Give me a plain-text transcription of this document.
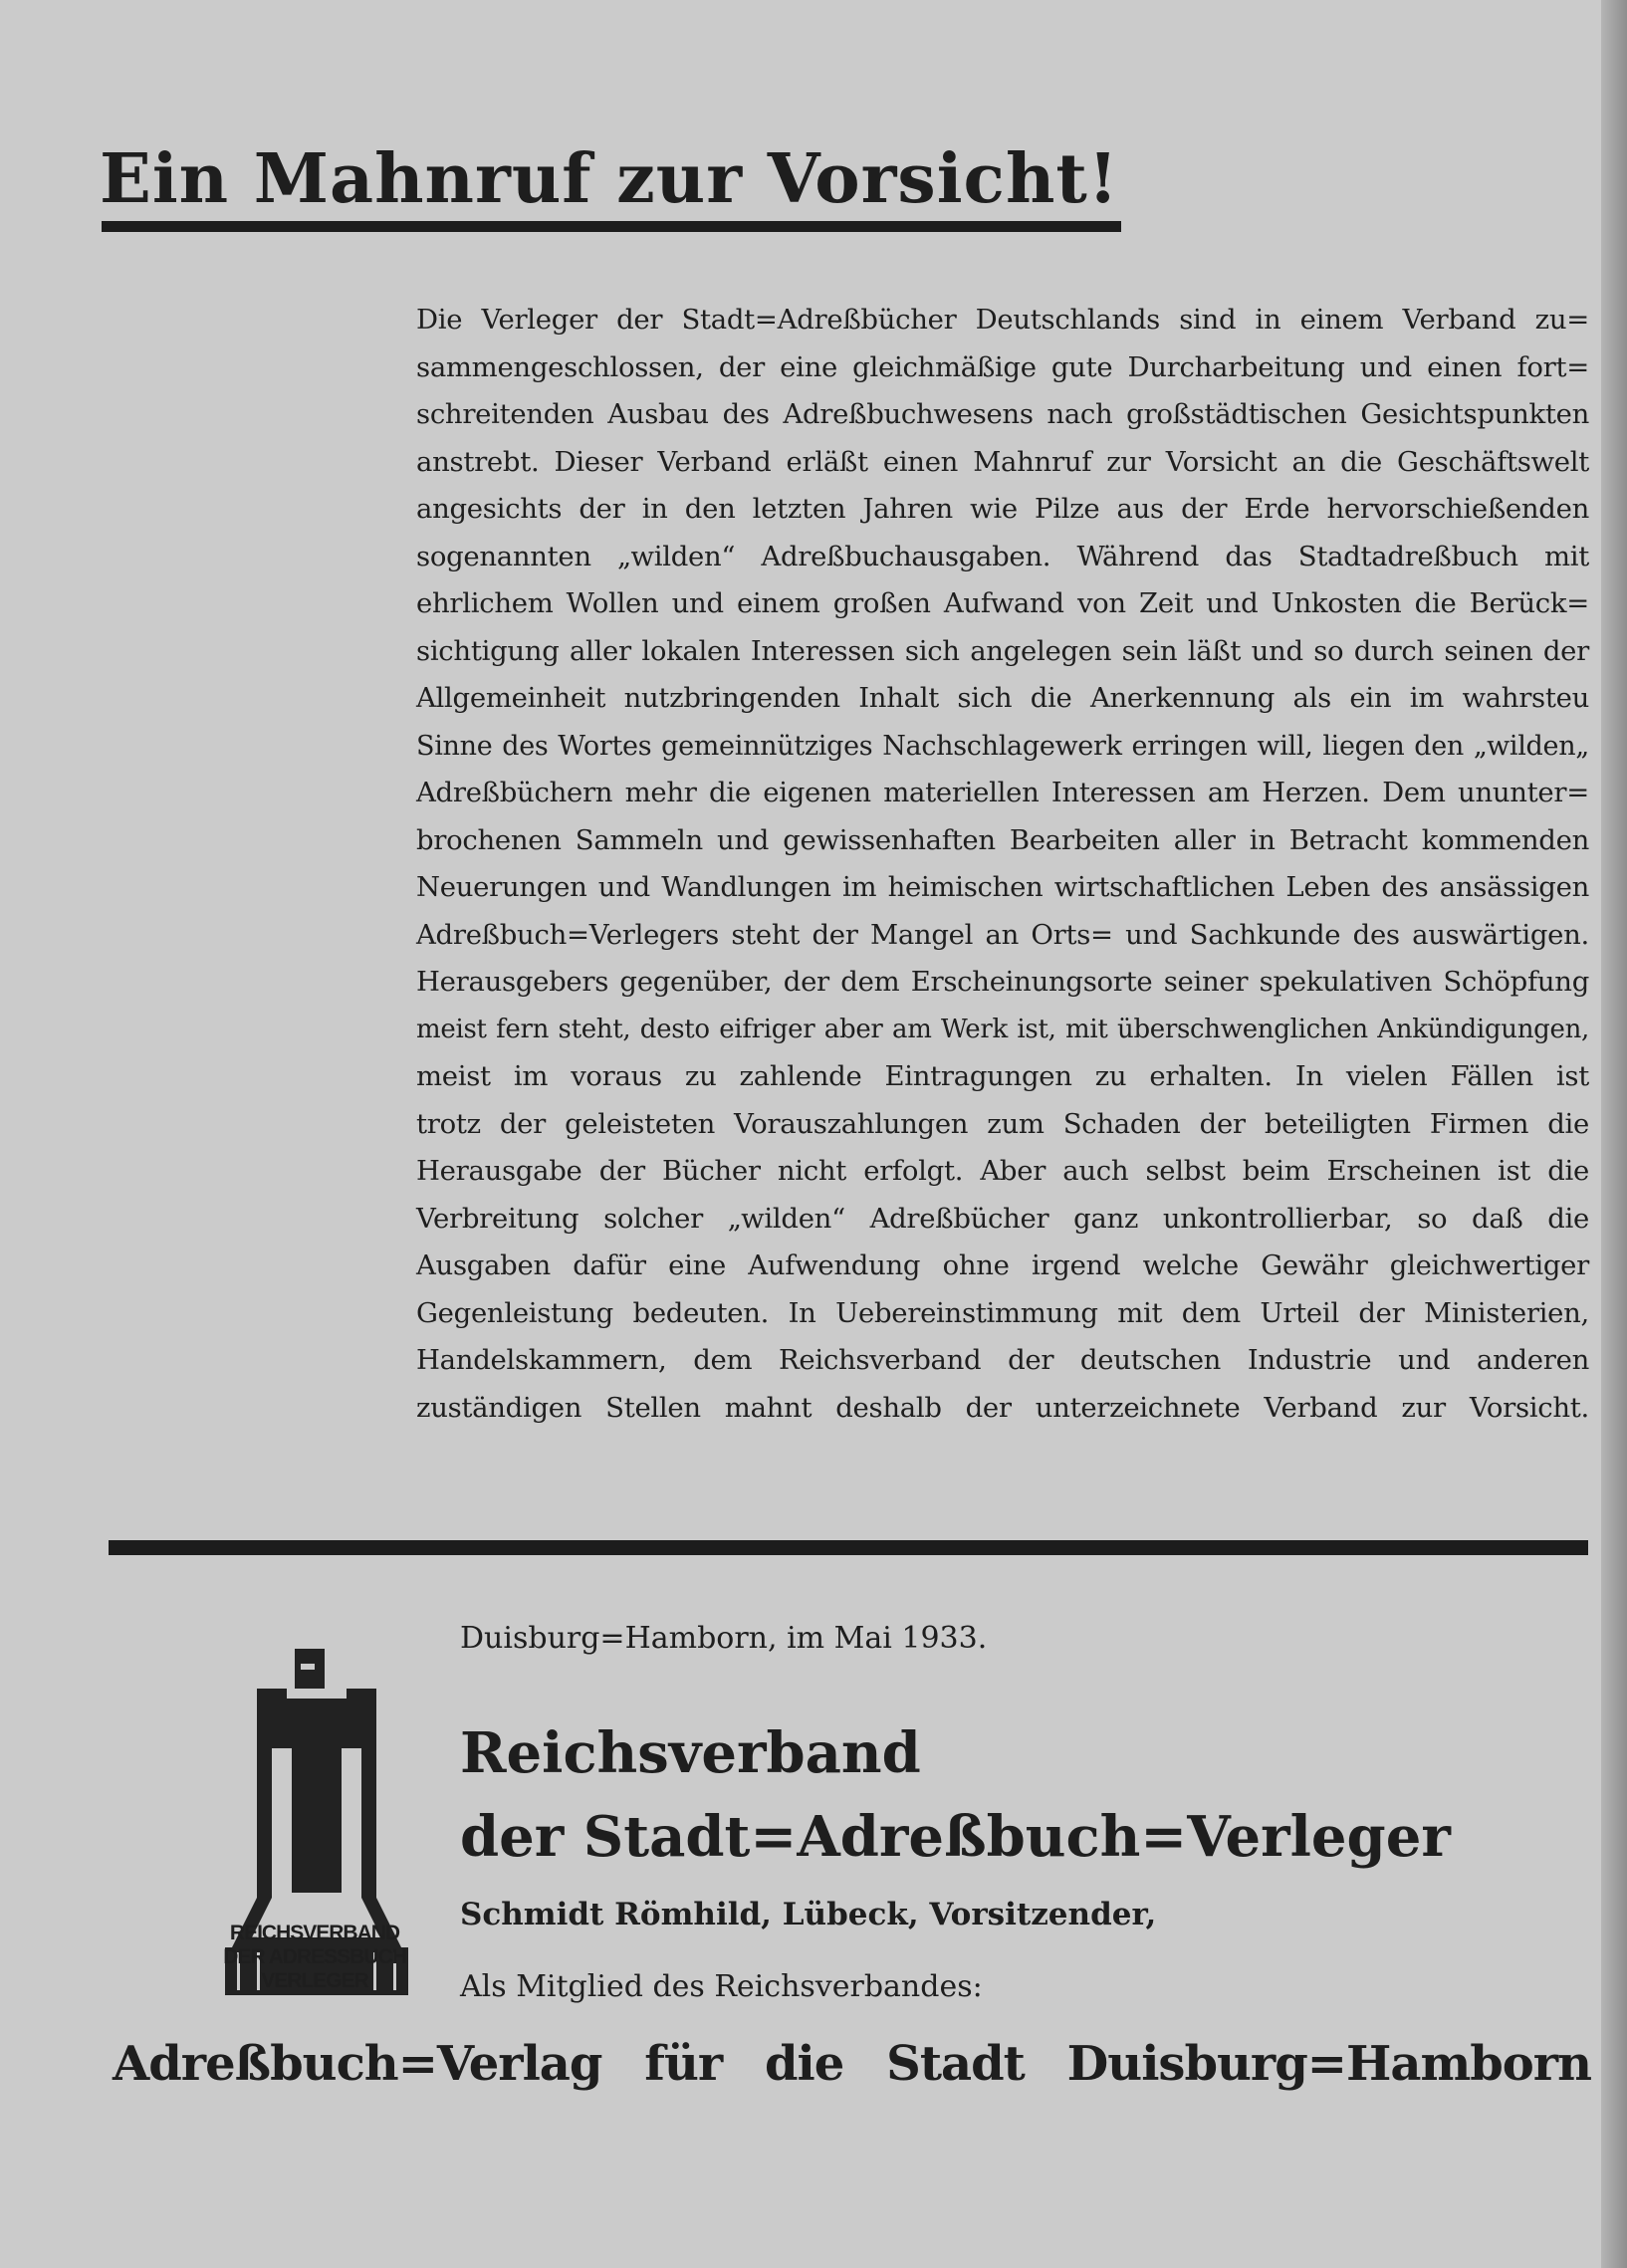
Ein Mahnruf zur Vorsicht!
Die Verleger der Stadt=Adreßbücher Deutschlands sind in einem Verband zu=
sammengeschlossen, der eine gleichmäßige gute Durcharbeitung und einen fort=
schreitenden Ausbau des Adreßbuchwesens nach großstädtischen Gesichtspunkten
anstrebt. Dieser Verband erläßt einen Mahnruf zur Vorsicht an die Geschäftswelt
angesichts der in den letzten Jahren wie Pilze aus der Erde hervorschießenden
sogenannten „wilden“ Adreßbuchausgaben. Während das Stadtadreßbuch mit
ehrlichem Wollen und einem großen Aufwand von Zeit und Unkosten die Berück=
sichtigung aller lokalen Interessen sich angelegen sein läßt und so durch seinen der
Allgemeinheit nutzbringenden Inhalt sich die Anerkennung als ein im wahrsteu
Sinne des Wortes gemeinnütziges Nachschlagewerk erringen will, liegen den „wilden„
Adreßbüchern mehr die eigenen materiellen Interessen am Herzen. Dem ununter=
brochenen Sammeln und gewissenhaften Bearbeiten aller in Betracht kommenden
Neuerungen und Wandlungen im heimischen wirtschaftlichen Leben des ansässigen
Adreßbuch=Verlegers steht der Mangel an Orts= und Sachkunde des auswärtigen.
Herausgebers gegenüber, der dem Erscheinungsorte seiner spekulativen Schöpfung
meist fern steht, desto eifriger aber am Werk ist, mit überschwenglichen Ankündigungen,
meist im voraus zu zahlende Eintragungen zu erhalten. In vielen Fällen ist
trotz der geleisteten Vorauszahlungen zum Schaden der beteiligten Firmen die
Herausgabe der Bücher nicht erfolgt. Aber auch selbst beim Erscheinen ist die
Verbreitung solcher „wilden“ Adreßbücher ganz unkontrollierbar, so daß die
Ausgaben dafür eine Aufwendung ohne irgend welche Gewähr gleichwertiger
Gegenleistung bedeuten. In Uebereinstimmung mit dem Urteil der Ministerien,
Handelskammern, dem Reichsverband der deutschen Industrie und anderen
zuständigen Stellen mahnt deshalb der unterzeichnete Verband zur Vorsicht.
Duisburg=Hamborn, im Mai 1933.
REICHSVERBAND
DER ADRESSBUCH
VERLEGER
Reichsverband
der Stadt=Adreßbuch=Verleger
Schmidt Römhild, Lübeck, Vorsitzender,
Als Mitglied des Reichsverbandes:
Adreßbuch=Verlag für die Stadt Duisburg=Hamborn
